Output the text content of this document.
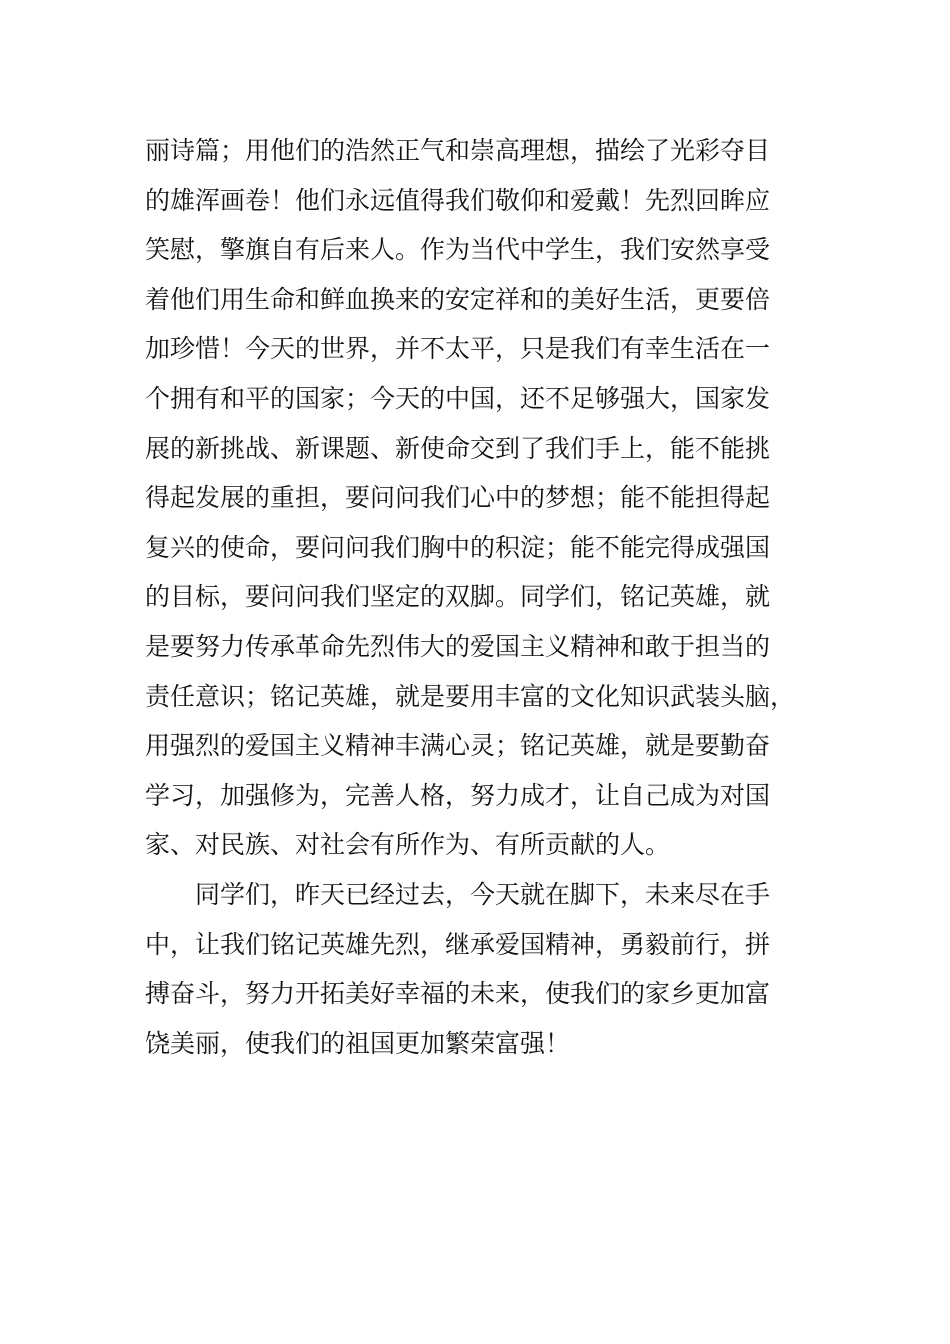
丽诗篇；用他们的浩然正气和崇高理想，描绘了光彩夺目
的雄浑画卷！他们永远值得我们敬仰和爱戴！先烈回眸应
笑慰，擎旗自有后来人。作为当代中学生，我们安然享受
着他们用生命和鲜血换来的安定祥和的美好生活，更要倍
加珍惜！今天的世界，并不太平，只是我们有幸生活在一
个拥有和平的国家；今天的中国，还不足够强大，国家发
展的新挑战、新课题、新使命交到了我们手上，能不能挑
得起发展的重担，要问问我们心中的梦想；能不能担得起
复兴的使命，要问问我们胸中的积淀；能不能完得成强国
的目标，要问问我们坚定的双脚。同学们，铭记英雄，就
是要努力传承革命先烈伟大的爱国主义精神和敢于担当的
责任意识；铭记英雄，就是要用丰富的文化知识武装头脑，
用强烈的爱国主义精神丰满心灵；铭记英雄，就是要勤奋
学习，加强修为，完善人格，努力成才，让自己成为对国
家、对民族、对社会有所作为、有所贡献的人。
同学们，昨天已经过去，今天就在脚下，未来尽在手
中，让我们铭记英雄先烈，继承爱国精神，勇毅前行，拼
搏奋斗，努力开拓美好幸福的未来，使我们的家乡更加富
饶美丽，使我们的祖国更加繁荣富强！
